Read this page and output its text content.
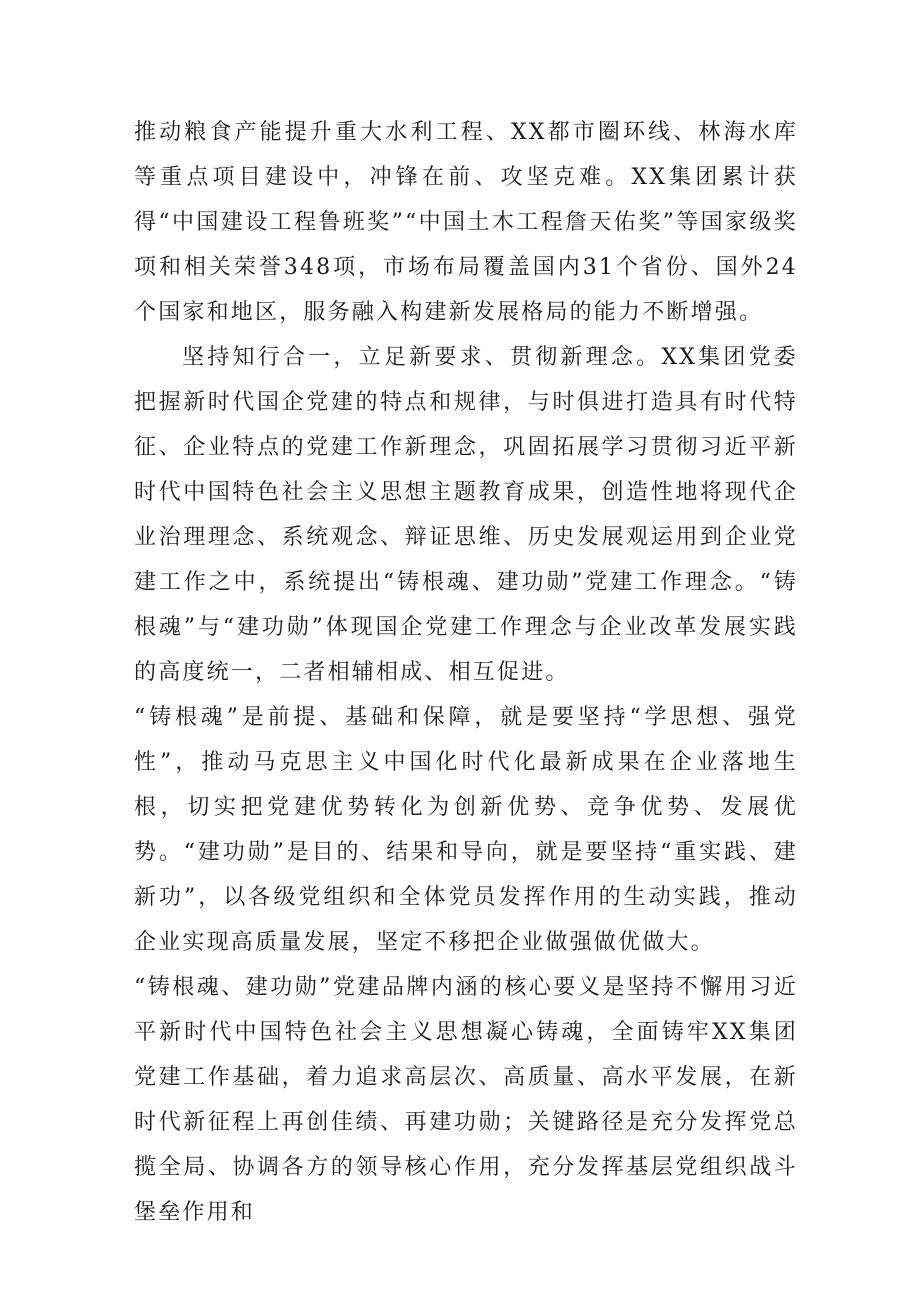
推动粮食产能提升重大水利工程、XX都市圈环线、林海水库等重点项目建设中，冲锋在前、攻坚克难。XX集团累计获得“中国建设工程鲁班奖”“中国土木工程詹天佑奖”等国家级奖项和相关荣誉348项，市场布局覆盖国内31个省份、国外24个国家和地区，服务融入构建新发展格局的能力不断增强。

坚持知行合一，立足新要求、贯彻新理念。XX集团党委把握新时代国企党建的特点和规律，与时俱进打造具有时代特征、企业特点的党建工作新理念，巩固拓展学习贯彻习近平新时代中国特色社会主义思想主题教育成果，创造性地将现代企业治理理念、系统观念、辩证思维、历史发展观运用到企业党建工作之中，系统提出“铸根魂、建功勋”党建工作理念。“铸根魂”与“建功勋”体现国企党建工作理念与企业改革发展实践的高度统一，二者相辅相成、相互促进。

“铸根魂”是前提、基础和保障，就是要坚持“学思想、强党性”，推动马克思主义中国化时代化最新成果在企业落地生根，切实把党建优势转化为创新优势、竞争优势、发展优势。“建功勋”是目的、结果和导向，就是要坚持“重实践、建新功”，以各级党组织和全体党员发挥作用的生动实践，推动企业实现高质量发展，坚定不移把企业做强做优做大。

“铸根魂、建功勋”党建品牌内涵的核心要义是坚持不懈用习近平新时代中国特色社会主义思想凝心铸魂，全面铸牢XX集团党建工作基础，着力追求高层次、高质量、高水平发展，在新时代新征程上再创佳绩、再建功勋；关键路径是充分发挥党总揽全局、协调各方的领导核心作用，充分发挥基层党组织战斗堡垒作用和
